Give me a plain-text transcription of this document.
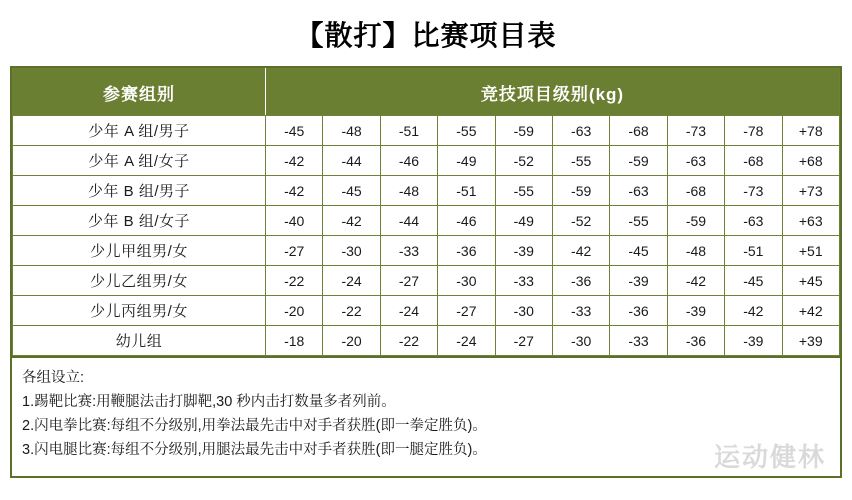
【散打】比赛项目表
参赛组别	竞技项目级别(kg)									
少年 A 组/男子	-45	-48	-51	-55	-59	-63	-68	-73	-78	+78
少年 A 组/女子	-42	-44	-46	-49	-52	-55	-59	-63	-68	+68
少年 B 组/男子	-42	-45	-48	-51	-55	-59	-63	-68	-73	+73
少年 B 组/女子	-40	-42	-44	-46	-49	-52	-55	-59	-63	+63
少儿甲组男/女	-27	-30	-33	-36	-39	-42	-45	-48	-51	+51
少儿乙组男/女	-22	-24	-27	-30	-33	-36	-39	-42	-45	+45
少儿丙组男/女	-20	-22	-24	-27	-30	-33	-36	-39	-42	+42
幼儿组	-18	-20	-22	-24	-27	-30	-33	-36	-39	+39
各组设立:
1.踢靶比赛:用鞭腿法击打脚靶,30 秒内击打数量多者列前。
2.闪电拳比赛:每组不分级别,用拳法最先击中对手者获胜(即一拳定胜负)。
3.闪电腿比赛:每组不分级别,用腿法最先击中对手者获胜(即一腿定胜负)。	运动健林
